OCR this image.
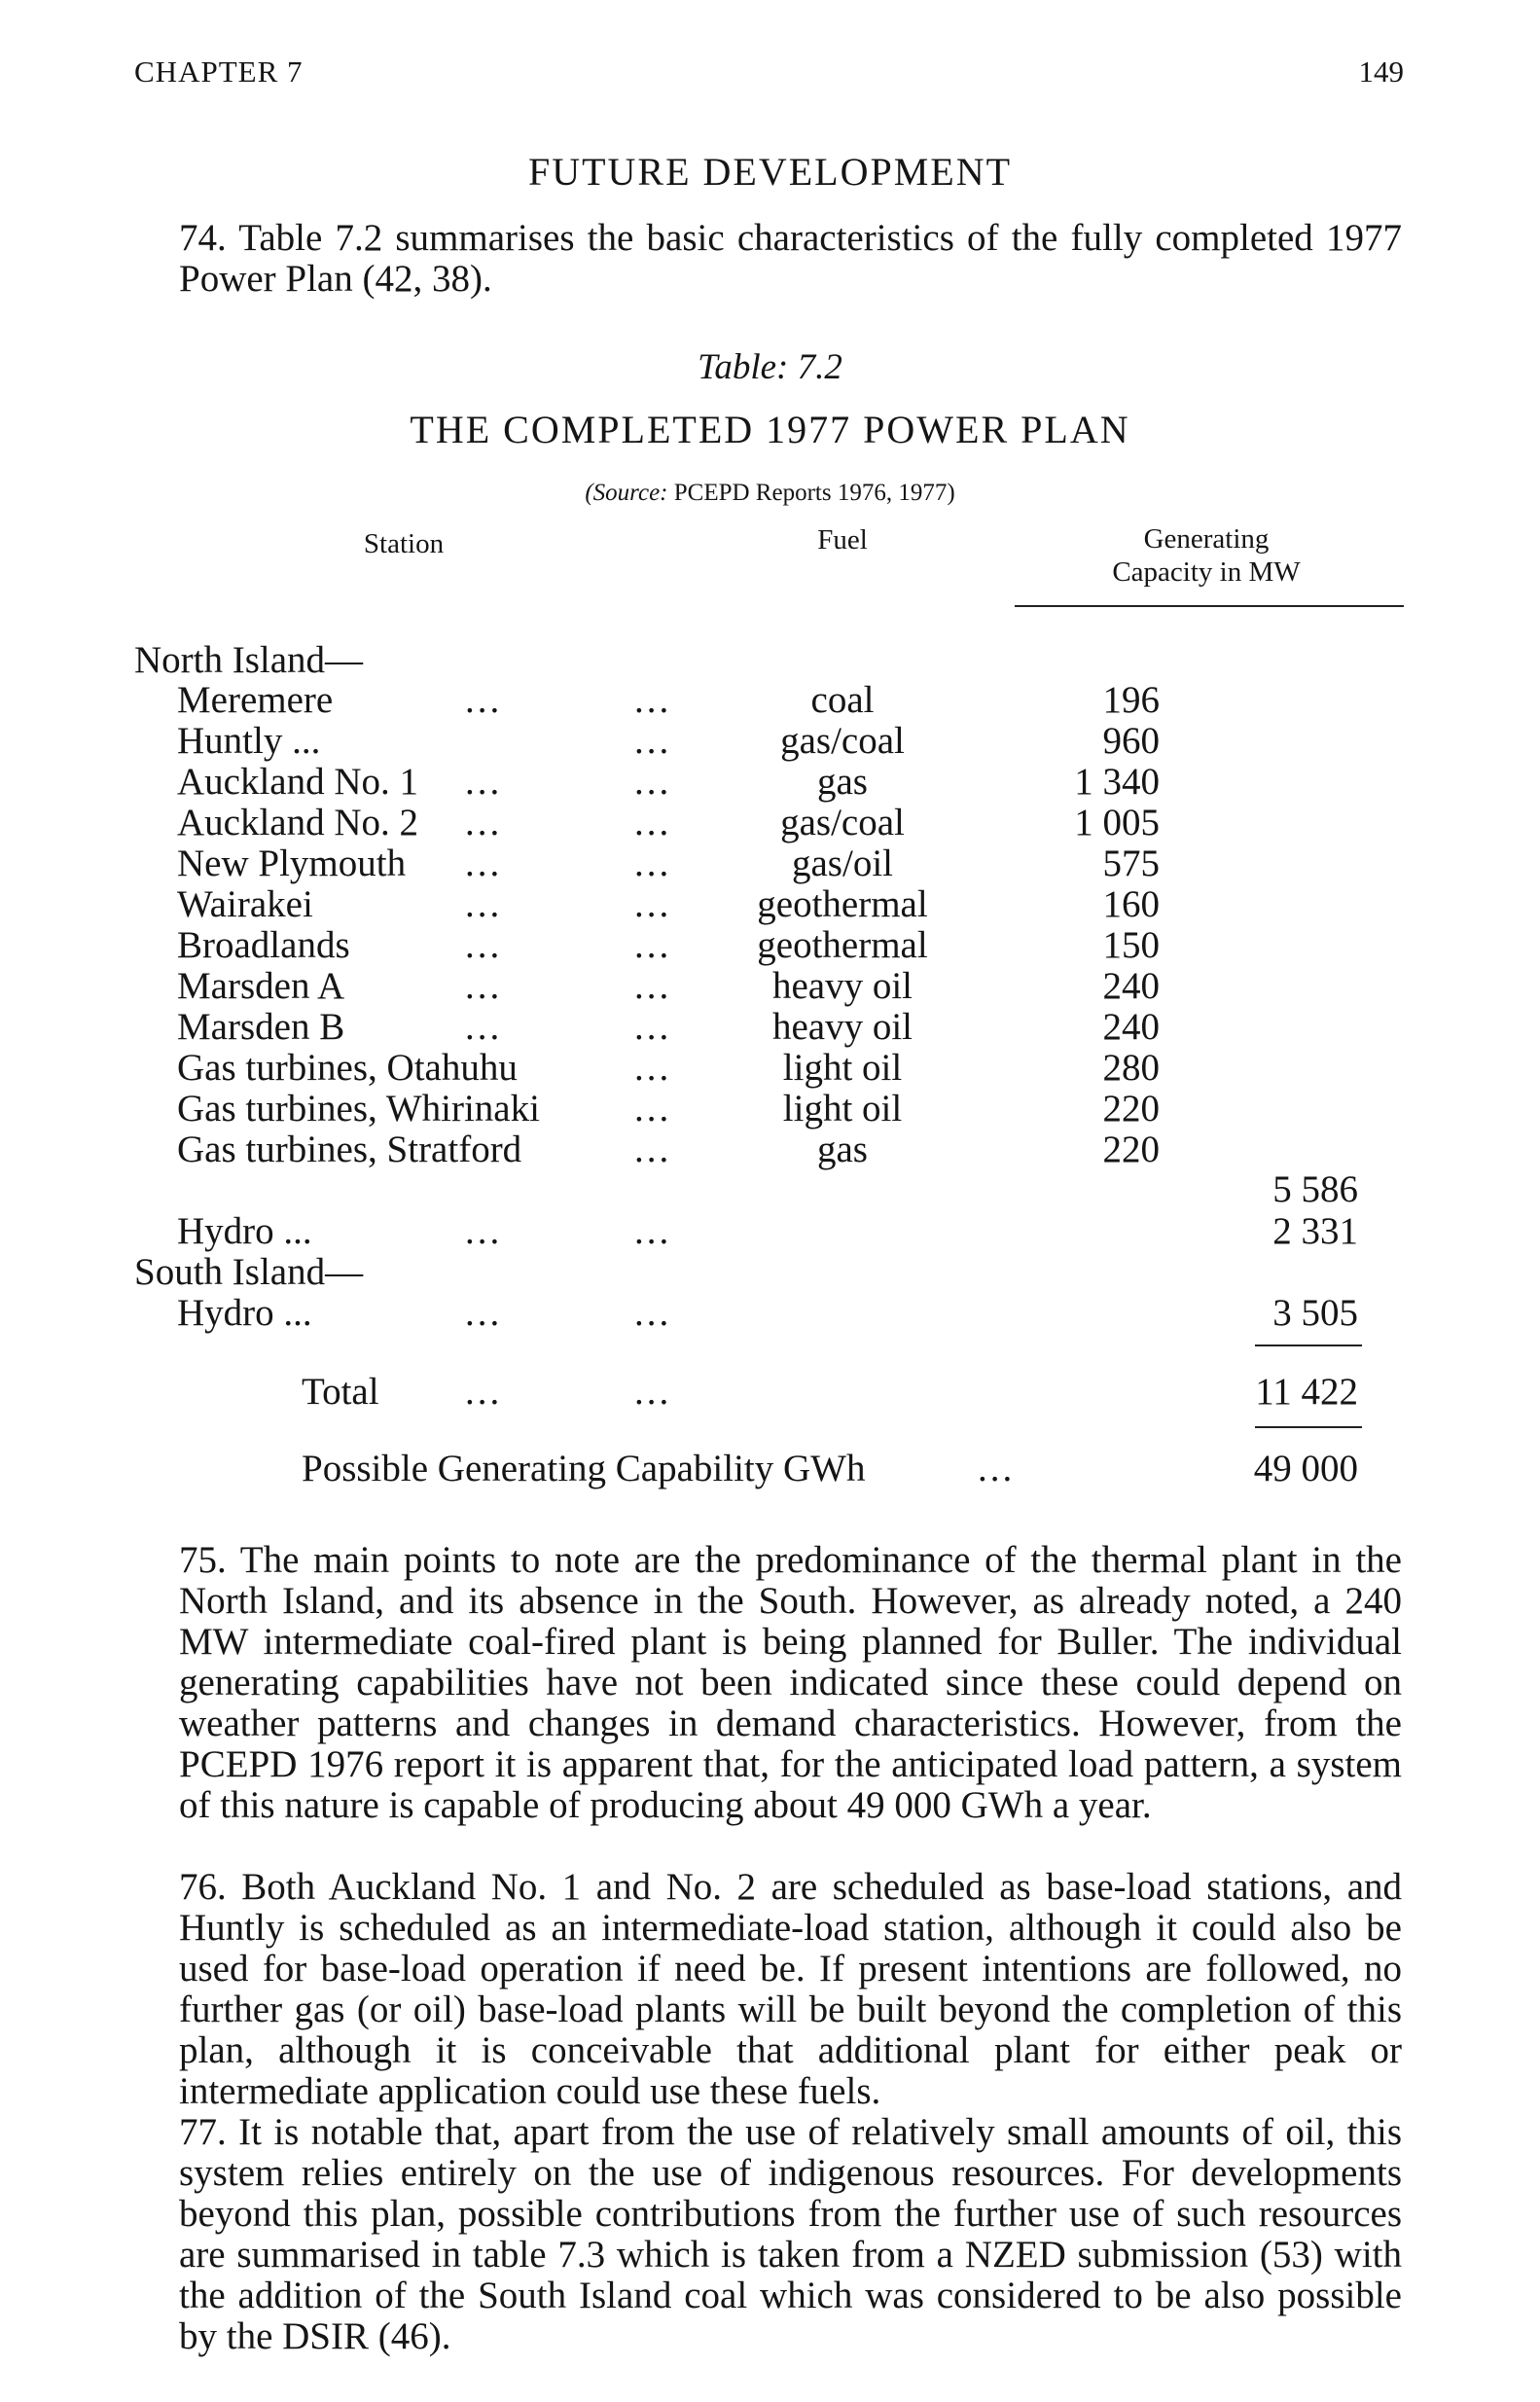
CHAPTER 7	149
FUTURE DEVELOPMENT
74. Table 7.2 summarises the basic characteristics of the fully completed 1977 Power Plan (42, 38).
Table: 7.2
THE COMPLETED 1977 POWER PLAN
(Source: PCEPD Reports 1976, 1977)
Station	Fuel	Generating
Capacity in MW
North Island—
Meremere	...	...	coal	196
Huntly ...	...	gas/coal	960
Auckland No. 1 ...	...	gas	1 340
Auckland No. 2 ...	...	gas/coal	1 005
New Plymouth ...	...	gas/oil	575
Wairakei	...	... geothermal	160
Broadlands	...	... geothermal	150
Marsden A	...	...	heavy oil	240
Marsden B	...	...	heavy oil	240
Gas turbines, Otahuhu	...	light oil	280
Gas turbines, Whirinaki ...	light oil	220
Gas turbines, Stratford	...	gas	220
5 586
Hydro ...	...	...	2 331
South Island—
Hydro ...	...	...	3 505
Total ...	...	11 422
Possible Generating Capability GWh	...	49 000
75. The main points to note are the predominance of the thermal plant in the North Island, and its absence in the South. However, as already noted, a 240 MW intermediate coal-fired plant is being planned for Buller. The individual generating capabilities have not been indicated since these could depend on weather patterns and changes in demand characteristics. However, from the PCEPD 1976 report it is apparent that, for the anticipated load pattern, a system of this nature is capable of producing about 49 000 GWh a year.
76. Both Auckland No. 1 and No. 2 are scheduled as base-load stations, and Huntly is scheduled as an intermediate-load station, although it could also be used for base-load operation if need be. If present intentions are followed, no further gas (or oil) base-load plants will be built beyond the completion of this plan, although it is conceivable that additional plant for either peak or intermediate application could use these fuels.
77. It is notable that, apart from the use of relatively small amounts of oil, this system relies entirely on the use of indigenous resources. For developments beyond this plan, possible contributions from the further use of such resources are summarised in table 7.3 which is taken from a NZED submission (53) with the addition of the South Island coal which was considered to be also possible by the DSIR (46).
